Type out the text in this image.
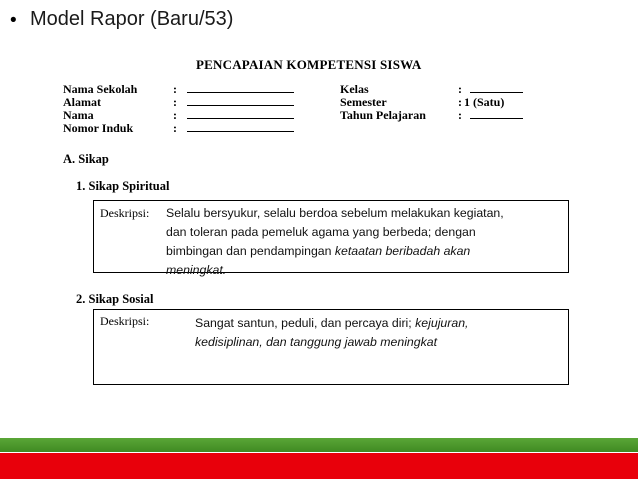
• Model Rapor (Baru/53)
PENCAPAIAN KOMPETENSI SISWA
Nama Sekolah	:
Alamat	:
Nama	:
Nomor Induk	:
Kelas	:
Semester	: 1 (Satu)
Tahun Pelajaran	:
A. Sikap
1. Sikap Spiritual
Deskripsi: Selalu bersyukur, selalu berdoa sebelum melakukan kegiatan,
dan toleran pada pemeluk agama yang berbeda; dengan
bimbingan dan pendampingan ketaatan beribadah akan
meningkat.
2. Sikap Sosial
Deskripsi:	Sangat santun, peduli, dan percaya diri; kejujuran,
kedisiplinan, dan tanggung jawab meningkat
